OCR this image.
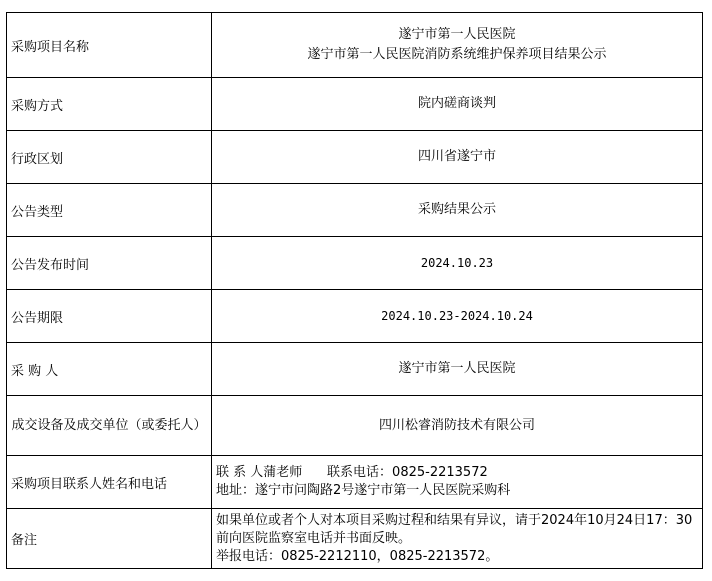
采购项目名称	遂宁市第一人民医院
遂宁市第一人民医院消防系统维护保养项目结果公示

采购方式	院内磋商谈判
行政区划	四川省遂宁市
公告类型	采购结果公示
公告发布时间	2024.10.23
公告期限	2024.10.23-2024.10.24
采 购 人	遂宁市第一人民医院
成交设备及成交单位（或委托人）	四川松睿消防技术有限公司
采购项目联系人姓名和电话	联 系 人蒲老师      联系电话：0825-2213572
地址：遂宁市问陶路2号遂宁市第一人民医院采购科

备注	如果单位或者个人对本项目采购过程和结果有异议，请于2024年10月24日17：30前向医院监察室电话并书面反映。
举报电话：0825-2212110，0825-2213572。
